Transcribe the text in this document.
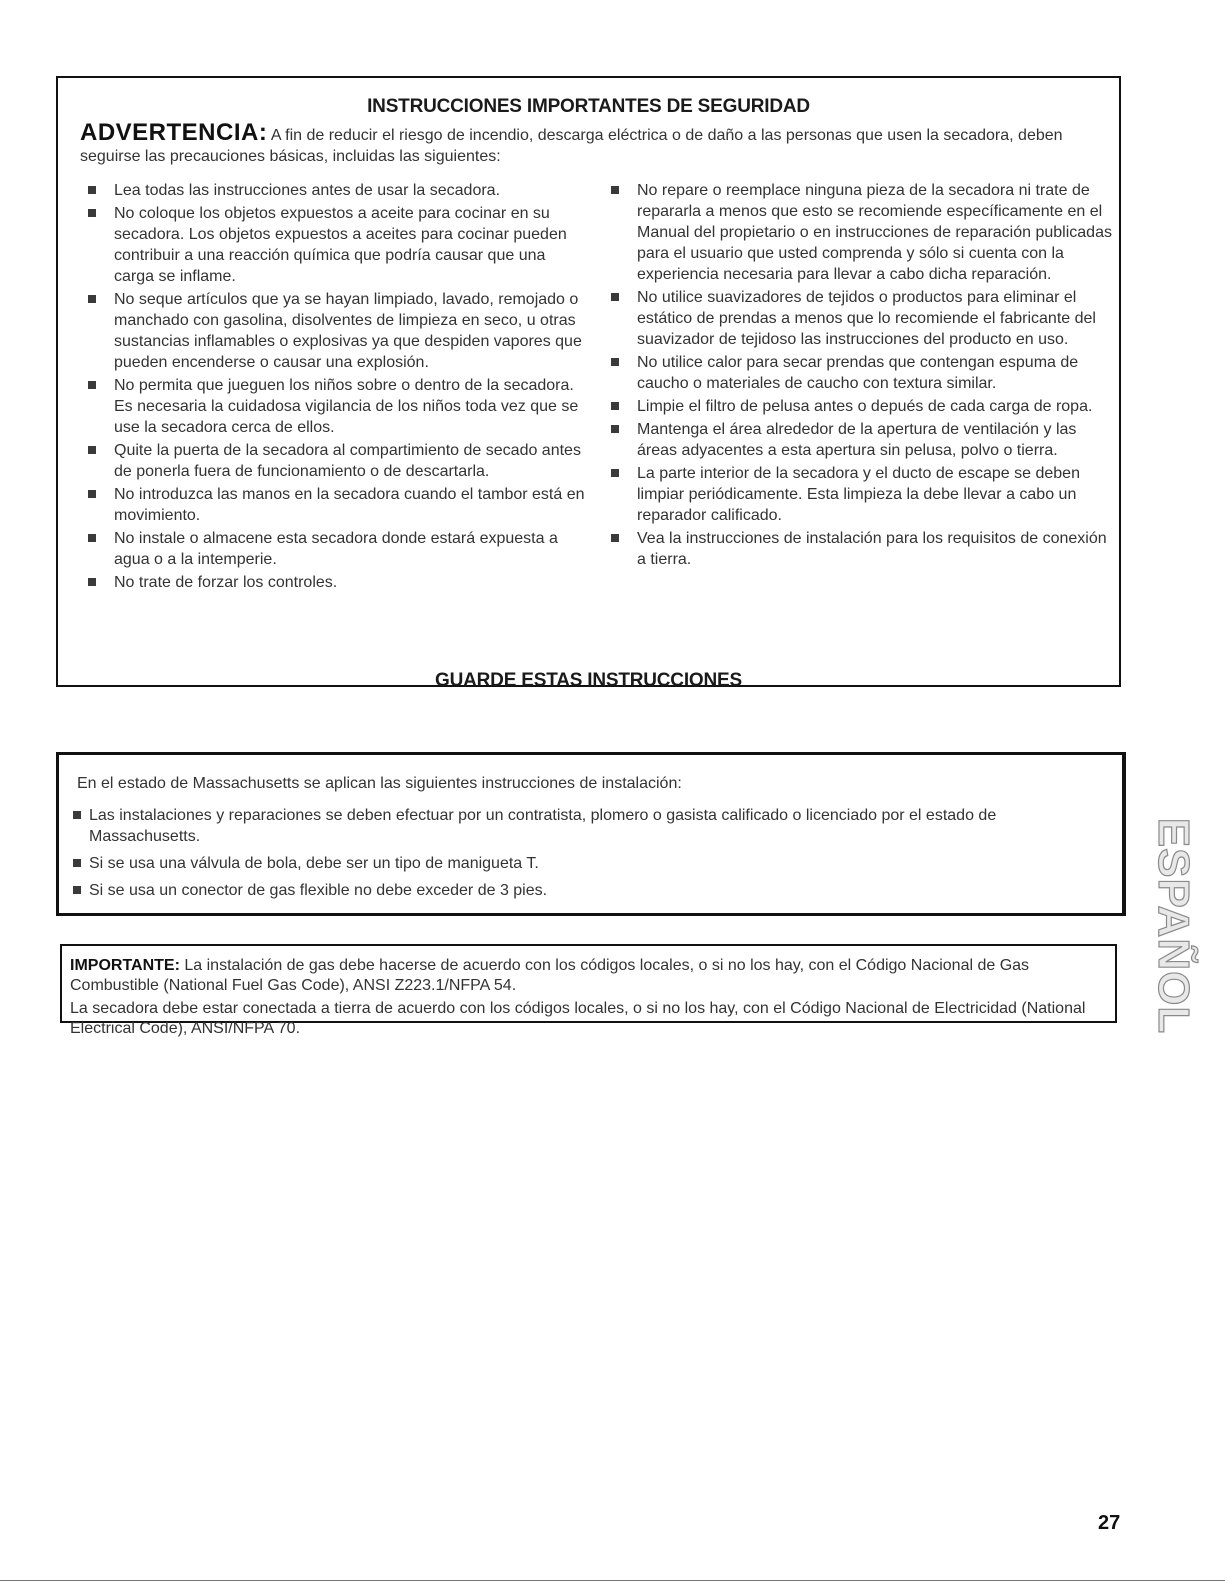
INSTRUCCIONES IMPORTANTES DE SEGURIDAD
ADVERTENCIA: A fin de reducir el riesgo de incendio, descarga eléctrica o de daño a las personas que usen la secadora, deben seguirse las precauciones básicas, incluidas las siguientes:
Lea todas las instrucciones antes de usar la secadora.
No coloque los objetos expuestos a aceite para cocinar en su secadora. Los objetos expuestos a aceites para cocinar pueden contribuir a una reacción química que podría causar que una carga se inflame.
No seque artículos que ya se hayan limpiado, lavado, remojado o manchado con gasolina, disolventes de limpieza en seco, u otras sustancias inflamables o explosivas ya que despiden vapores que pueden encenderse o causar una explosión.
No permita que jueguen los niños sobre o dentro de la secadora. Es necesaria la cuidadosa vigilancia de los niños toda vez que se use la secadora cerca de ellos.
Quite la puerta de la secadora al compartimiento de secado antes de ponerla fuera de funcionamiento o de descartarla.
No introduzca las manos en la secadora cuando el tambor está en movimiento.
No instale o almacene esta secadora donde estará expuesta a agua o a la intemperie.
No trate de forzar los controles.
No repare o reemplace ninguna pieza de la secadora ni trate de repararla a menos que esto se recomiende específicamente en el Manual del propietario o en instrucciones de reparación publicadas para el usuario que usted comprenda y sólo si cuenta con la experiencia necesaria para llevar a cabo dicha reparación.
No utilice suavizadores de tejidos o productos para eliminar el estático de prendas a menos que lo recomiende el fabricante del suavizador de tejidoso las instrucciones del producto en uso.
No utilice calor para secar prendas que contengan espuma de caucho o materiales de caucho con textura similar.
Limpie el filtro de pelusa antes o depués de cada carga de ropa.
Mantenga el área alrededor de la apertura de ventilación y las áreas adyacentes a esta apertura sin pelusa, polvo o tierra.
La parte interior de la secadora y el ducto de escape se deben limpiar periódicamente. Esta limpieza la debe llevar a cabo un reparador calificado.
Vea la instrucciones de instalación para los requisitos de conexión a tierra.
GUARDE ESTAS INSTRUCCIONES
En el estado de Massachusetts se aplican las siguientes instrucciones de instalación:
Las instalaciones y reparaciones se deben efectuar por un contratista, plomero o gasista calificado o licenciado por el estado de Massachusetts.
Si se usa una válvula de bola, debe ser un tipo de manigueta T.
Si se usa un conector de gas flexible no debe exceder de 3 pies.
IMPORTANTE: La instalación de gas debe hacerse de acuerdo con los códigos locales, o si no los hay, con el Código Nacional de Gas Combustible (National Fuel Gas Code), ANSI Z223.1/NFPA 54.
La secadora debe estar conectada a tierra de acuerdo con los códigos locales, o si no los hay, con el Código Nacional de Electricidad (National Electrical Code), ANSI/NFPA 70.	ESPAÑOL
27
